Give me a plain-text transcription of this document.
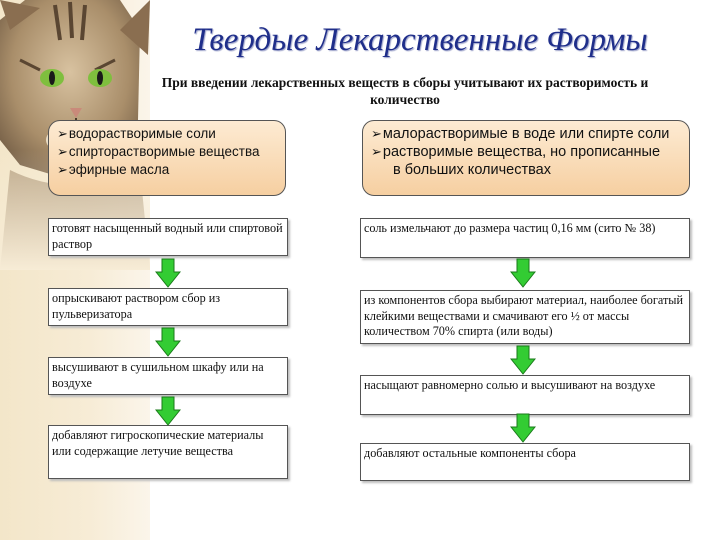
Твердые Лекарственные Формы
При введении лекарственных веществ в сборы учитывают их растворимость и количество
➢водорастворимые соли
➢спирторастворимые вещества
➢эфирные масла
➢малорастворимые в воде или спирте соли
➢растворимые вещества, но прописанные
в больших количествах
готовят насыщенный водный или спиртовой раствор
опрыскивают раствором сбор из пульверизатора
высушивают в сушильном шкафу или на воздухе
добавляют гигроскопические материалы или содержащие летучие вещества
соль измельчают до размера частиц 0,16 мм (сито № 38)
из компонентов сбора выбирают материал, наиболее богатый клейкими веществами и смачивают его ½ от массы количеством 70% спирта (или воды)
насыщают равномерно солью и высушивают на воздухе
добавляют остальные компоненты сбора
